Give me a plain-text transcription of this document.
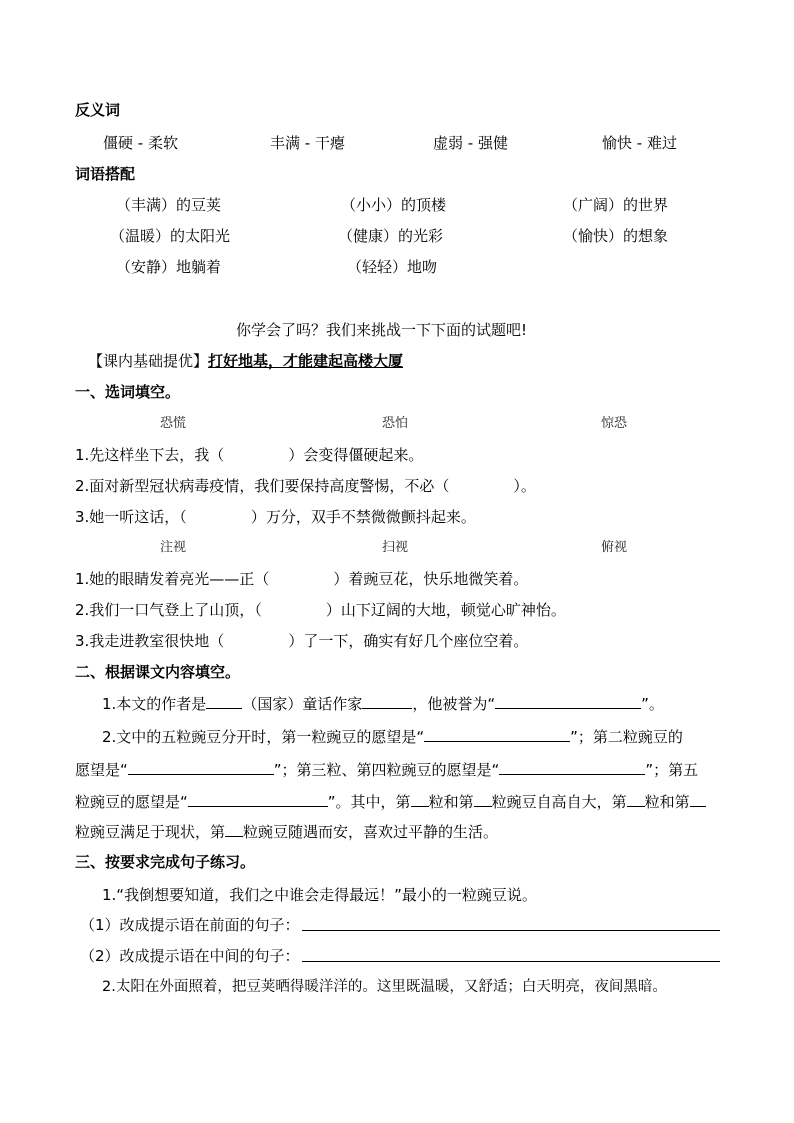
反义词
僵硬 - 柔软	丰满 - 干瘪	虚弱 - 强健	愉快 - 难过
词语搭配
（丰满）的豆荚	（小小）的顶楼	（广阔）的世界
（温暖）的太阳光	（健康）的光彩	（愉快）的想象
（安静）地躺着	（轻轻）地吻
你学会了吗？我们来挑战一下下面的试题吧!
【课内基础提优】打好地基，才能建起高楼大厦
一、选词填空。
恐慌	恐怕	惊恐
1.先这样坐下去，我（	）会变得僵硬起来。
2.面对新型冠状病毒疫情，我们要保持高度警惕，不必（	）。
3.她一听这话，（	）万分，双手不禁微微颤抖起来。
注视	扫视	俯视
1.她的眼睛发着亮光——正（	）着豌豆花，快乐地微笑着。
2.我们一口气登上了山顶，（	）山下辽阔的大地，顿觉心旷神怡。
3.我走进教室很快地（	）了一下，确实有好几个座位空着。
二、根据课文内容填空。
1.本文的作者是 （国家）童话作家	，他被誉为“	”。
2.文中的五粒豌豆分开时，第一粒豌豆的愿望是“	”；第二粒豌豆的
愿望是“	”；第三粒、第四粒豌豆的愿望是“	”；第五
粒豌豆的愿望是“	”。其中，第 粒和第 粒豌豆自高自大，第 粒和第
粒豌豆满足于现状，第 粒豌豆随遇而安，喜欢过平静的生活。
三、按要求完成句子练习。
1.“我倒想要知道，我们之中谁会走得最远！”最小的一粒豌豆说。
（1）改成提示语在前面的句子：
（2）改成提示语在中间的句子：
2.太阳在外面照着，把豆荚晒得暖洋洋的。这里既温暖，又舒适；白天明亮，夜间黑暗。
